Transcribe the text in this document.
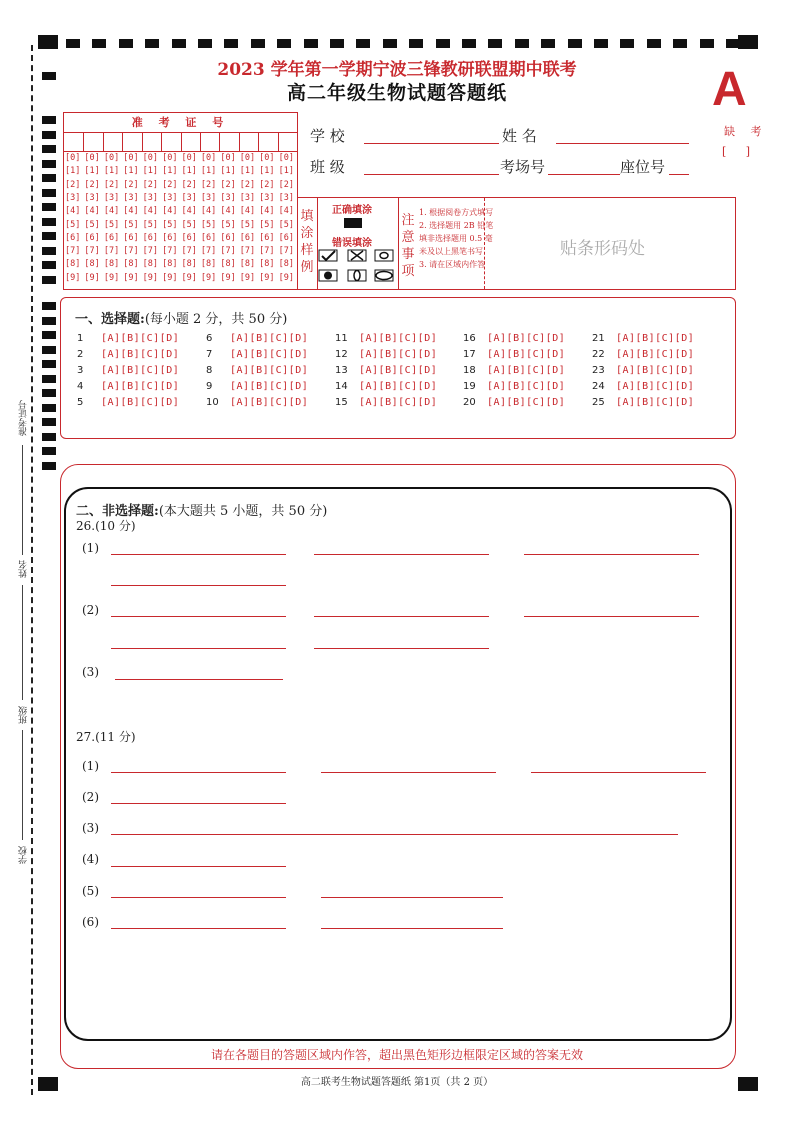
准考证号
姓名
班级
学校
2023 学年第一学期宁波三锋教研联盟期中联考
高二年级生物试题答题纸	A
缺 考
[ ]
准 考 证 号
[0] [0] [0] [0] [0] [0] [0] [0] [0] [0] [0] [0]
[1] [1] [1] [1] [1] [1] [1] [1] [1] [1] [1] [1]
[2] [2] [2] [2] [2] [2] [2] [2] [2] [2] [2] [2]
[3] [3] [3] [3] [3] [3] [3] [3] [3] [3] [3] [3]
[4] [4] [4] [4] [4] [4] [4] [4] [4] [4] [4] [4]
[5] [5] [5] [5] [5] [5] [5] [5] [5] [5] [5] [5]
[6] [6] [6] [6] [6] [6] [6] [6] [6] [6] [6] [6]
[7] [7] [7] [7] [7] [7] [7] [7] [7] [7] [7] [7]
[8] [8] [8] [8] [8] [8] [8] [8] [8] [8] [8] [8]
[9] [9] [9] [9] [9] [9] [9] [9] [9] [9] [9] [9]
学 校	姓 名
班 级	考场号	座位号
填涂样例
正确填涂
错误填涂
注意事项
1. 根据阅卷方式填写
2. 选择题用 2B 铅笔
填非选择题用 0.5 毫
米及以上黑笔书写
3. 请在区域内作答
贴条形码处
一、选择题:(每小题 2 分，共 50 分)
1 [A][B][C][D]
2 [A][B][C][D]
3 [A][B][C][D]
4 [A][B][C][D]
5 [A][B][C][D]
6 [A][B][C][D]
7 [A][B][C][D]
8 [A][B][C][D]
9 [A][B][C][D]
10 [A][B][C][D]
11 [A][B][C][D]
12 [A][B][C][D]
13 [A][B][C][D]
14 [A][B][C][D]
15 [A][B][C][D]
16 [A][B][C][D]
17 [A][B][C][D]
18 [A][B][C][D]
19 [A][B][C][D]
20 [A][B][C][D]
21 [A][B][C][D]
22 [A][B][C][D]
23 [A][B][C][D]
24 [A][B][C][D]
25 [A][B][C][D]
二、非选择题:(本大题共 5 小题，共 50 分)
26.(10 分)
(1)
(2)
(3)
27.(11 分)
(1)
(2)
(3)
(4)
(5)
(6)
请在各题目的答题区域内作答，超出黑色矩形边框限定区域的答案无效
高二联考生物试题答题纸 第1页（共 2 页）
